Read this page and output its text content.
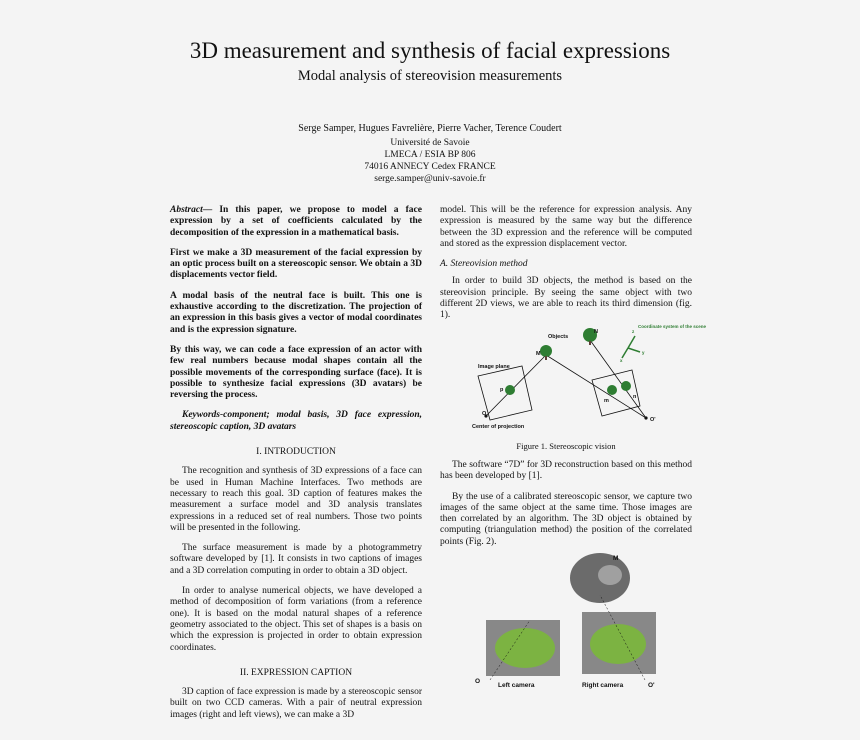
3D measurement and synthesis of facial expressions
Modal analysis of stereovision measurements
Serge Samper, Hugues Favrelière, Pierre Vacher, Terence Coudert
Université de Savoie
LMECA / ESIA BP 806
74016 ANNECY Cedex FRANCE
serge.samper@univ-savoie.fr

Abstract— In this paper, we propose to model a face expression by a set of coefficients calculated by the decomposition of the expression in a mathematical basis.

First we make a 3D measurement of the facial expression by an optic process built on a stereoscopic sensor. We obtain a 3D displacements vector field.

A modal basis of the neutral face is built. This one is exhaustive according to the discretization. The projection of an expression in this basis gives a vector of modal coordinates and is the expression signature.

By this way, we can code a face expression of an actor with few real numbers because modal shapes contain all the possible movements of the corresponding surface (face). It is possible to synthesize facial expressions (3D avatars) be reversing the process.

Keywords-component; modal basis, 3D face expression, stereoscopic caption, 3D avatars

I. INTRODUCTION

The recognition and synthesis of 3D expressions of a face can be used in Human Machine Interfaces. Two methods are necessary to reach this goal. 3D caption of features makes the measurement a surface model and 3D analysis translates expressions in a reduced set of real numbers. Those two points will be presented in the following.

The surface measurement is made by a photogrammetry software developed by [1]. It consists in two captions of images and a 3D correlation computing in order to obtain a 3D object.

In order to analyse numerical objects, we have developed a method of decomposition of form variations (from a reference one). It is based on the modal natural shapes of a reference geometry associated to the object. This set of shapes is a basis on which the expression is projected in order to obtain expression coordinates.

II. EXPRESSION CAPTION

3D caption of face expression is made by a stereoscopic sensor built on two CCD cameras. With a pair of neutral expression images (right and left views), we can make a 3D

model. This will be the reference for expression analysis. Any expression is measured by the same way but the difference between the 3D expression and the reference will be computed and stored as the expression displacement vector.

A. Stereovision method

In order to build 3D objects, the method is based on the stereovision principle. By seeing the same object with two different 2D views, we are able to reach its third dimension (fig. 1).

Objects
N
M
Image plane
p
O
Center of projection
m
n
O'
Coordinate system of the scene
x
y
z
Figure 1. Stereoscopic vision

The software “7D” for 3D reconstruction based on this method has been developed by [1].

By the use of a calibrated stereoscopic sensor, we capture two images of the same object at the same time. Those images are then correlated by an algorithm. The 3D object is obtained by computing (triangulation method) the position of the correlated points (Fig. 2).

M
O
Left camera	Right camera	O'
